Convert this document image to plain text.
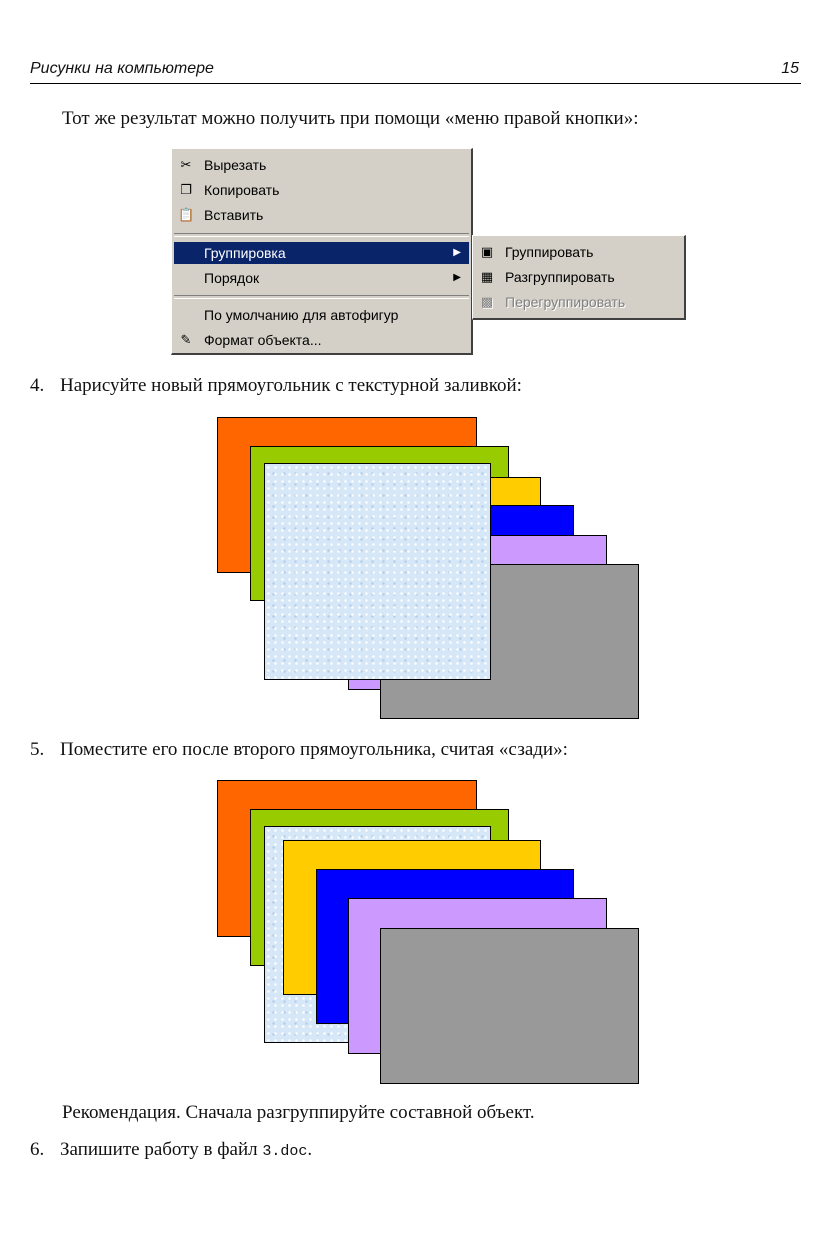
Рисунки на компьютере	15
Тот же результат можно получить при помощи «меню правой кнопки»:
✂ Вырезать
❐ Копировать
📋 Вставить
Группировка	▶
Порядок	▶
По умолчанию для автофигур
✎ Формат объекта...
▣ Группировать
▦ Разгруппировать
▩ Перегруппировать
4. Нарисуйте новый прямоугольник с текстурной заливкой:
5. Поместите его после второго прямоугольника, считая «сзади»:
Рекомендация. Сначала разгруппируйте составной объект.
6. Запишите работу в файл 3.doc.
